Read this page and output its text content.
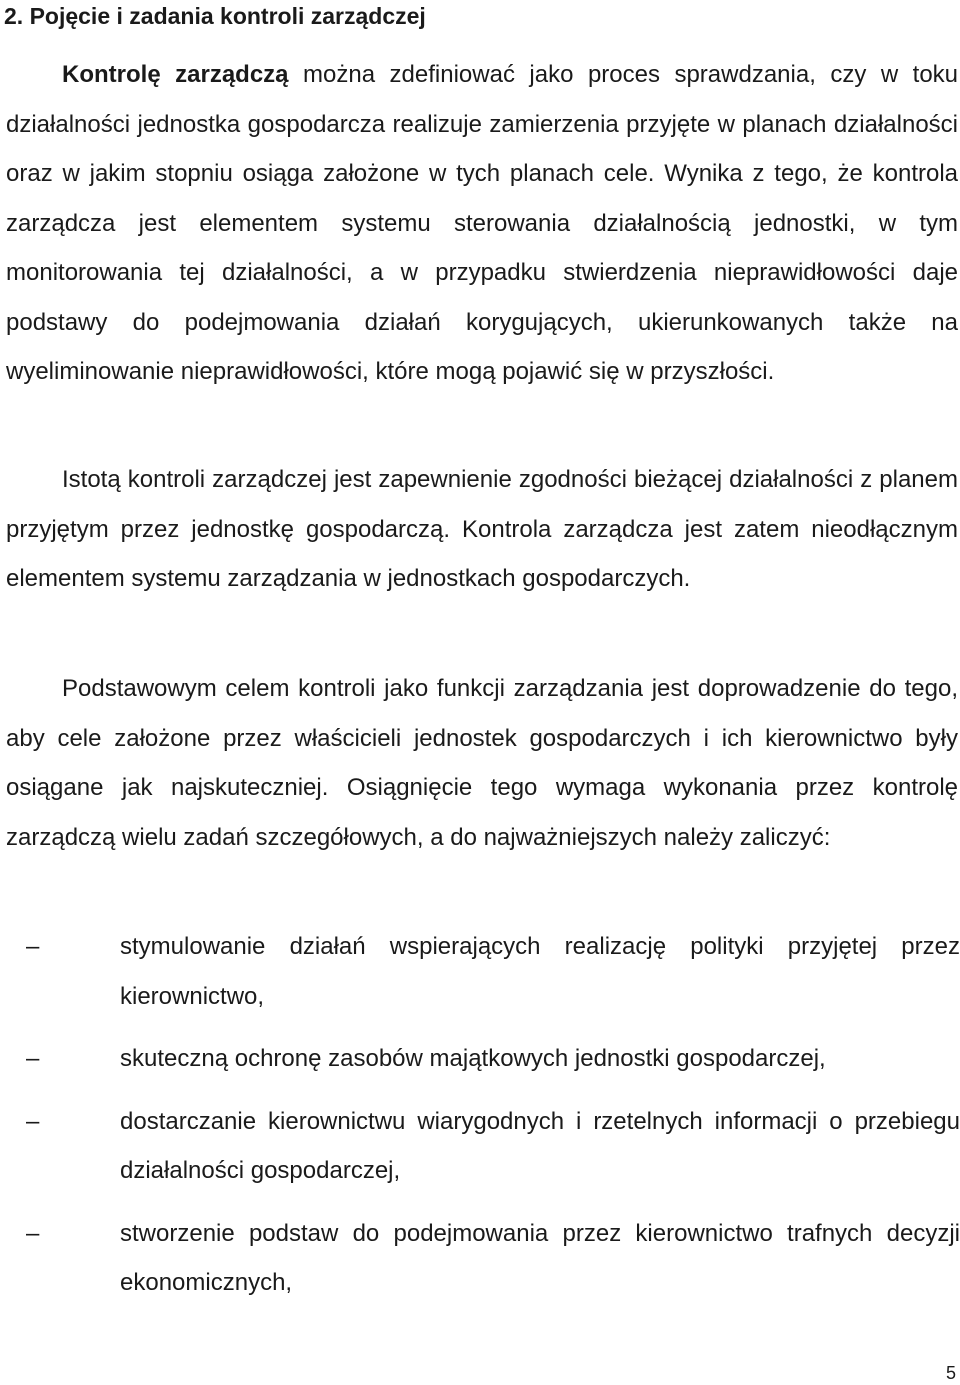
2. Pojęcie i zadania kontroli zarządczej

Kontrolę zarządczą można zdefiniować jako proces sprawdzania, czy w toku działalności jednostka gospodarcza realizuje zamierzenia przyjęte w planach działalności oraz w jakim stopniu osiąga założone w tych planach cele. Wynika z tego, że kontrola zarządcza jest elementem systemu sterowania działalnością jednostki, w tym monitorowania tej działalności, a w przypadku stwierdzenia nieprawidłowości daje podstawy do podejmowania działań korygujących, ukierunkowanych także na wyeliminowanie nieprawidłowości, które mogą pojawić się w przyszłości.

Istotą kontroli zarządczej jest zapewnienie zgodności bieżącej działalności z planem przyjętym przez jednostkę gospodarczą. Kontrola zarządcza jest zatem nieodłącznym elementem systemu zarządzania w jednostkach gospodarczych.

Podstawowym celem kontroli jako funkcji zarządzania jest doprowadzenie do tego, aby cele założone przez właścicieli jednostek gospodarczych i ich kierownictwo były osiągane jak najskuteczniej. Osiągnięcie tego wymaga wykonania przez kontrolę zarządczą wielu zadań szczegółowych, a do najważniejszych należy zaliczyć:

–	stymulowanie działań wspierających realizację polityki przyjętej przez kierownictwo,
–	skuteczną ochronę zasobów majątkowych jednostki gospodarczej,
–	dostarczanie kierownictwu wiarygodnych i rzetelnych informacji o przebiegu działalności gospodarczej,
–	stworzenie podstaw do podejmowania przez kierownictwo trafnych decyzji ekonomicznych,
5
